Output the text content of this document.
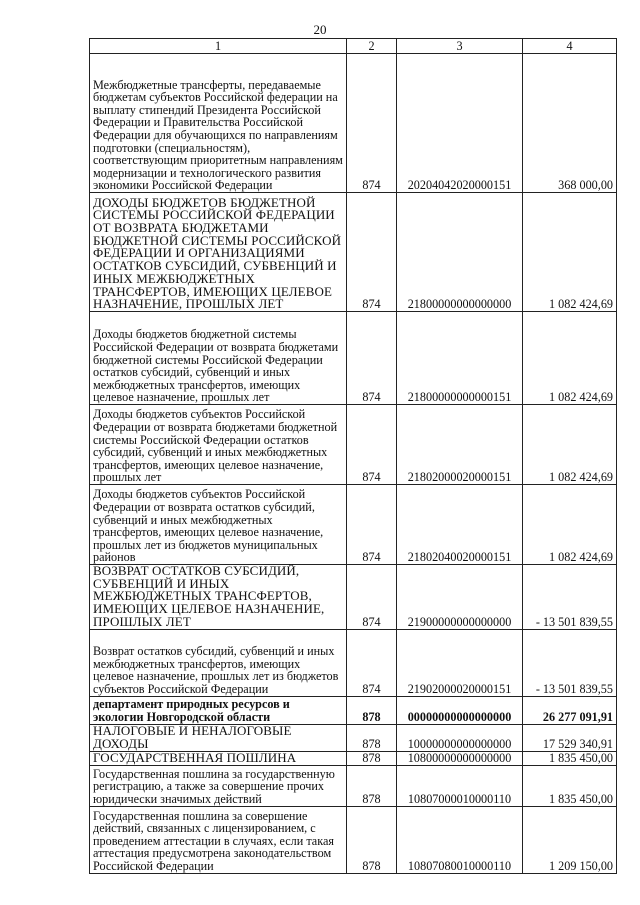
20
1	2	3	4
Межбюджетные трансферты, передаваемые бюджетам субъектов Российской федерации на выплату стипендий Президента Российской Федерации и Правительства Российской Федерации для обучающихся по направлениям подготовки (специальностям), соответствующим приоритетным направлениям модернизации и технологического развития экономики Российской Федерации	874	20204042020000151	368 000,00
ДОХОДЫ БЮДЖЕТОВ БЮДЖЕТНОЙ СИСТЕМЫ РОССИЙСКОЙ ФЕДЕРАЦИИ ОТ ВОЗВРАТА БЮДЖЕТАМИ БЮДЖЕТНОЙ СИСТЕМЫ РОССИЙСКОЙ ФЕДЕРАЦИИ И ОРГАНИЗАЦИЯМИ ОСТАТКОВ СУБСИДИЙ, СУБВЕНЦИЙ И ИНЫХ МЕЖБЮДЖЕТНЫХ ТРАНСФЕРТОВ, ИМЕЮЩИХ ЦЕЛЕВОЕ НАЗНАЧЕНИЕ, ПРОШЛЫХ ЛЕТ	874	21800000000000000	1 082 424,69
Доходы бюджетов бюджетной системы Российской Федерации от возврата бюджетами бюджетной системы Российской Федерации остатков субсидий, субвенций и иных межбюджетных трансфертов, имеющих целевое назначение, прошлых лет	874	21800000000000151	1 082 424,69
Доходы бюджетов субъектов Российской Федерации от возврата бюджетами бюджетной системы Российской Федерации остатков субсидий, субвенций и иных межбюджетных трансфертов, имеющих целевое назначение, прошлых лет	874	21802000020000151	1 082 424,69
Доходы бюджетов субъектов Российской Федерации от возврата остатков субсидий, субвенций и иных межбюджетных трансфертов, имеющих целевое назначение, прошлых лет из бюджетов муниципальных районов	874	21802040020000151	1 082 424,69
ВОЗВРАТ ОСТАТКОВ СУБСИДИЙ, СУБВЕНЦИЙ И ИНЫХ МЕЖБЮДЖЕТНЫХ ТРАНСФЕРТОВ, ИМЕЮЩИХ ЦЕЛЕВОЕ НАЗНАЧЕНИЕ, ПРОШЛЫХ ЛЕТ	874	21900000000000000	- 13 501 839,55
Возврат остатков субсидий, субвенций и иных межбюджетных трансфертов, имеющих целевое назначение, прошлых лет из бюджетов субъектов Российской Федерации	874	21902000020000151	- 13 501 839,55
департамент природных ресурсов и экологии Новгородской области	878	00000000000000000	26 277 091,91
НАЛОГОВЫЕ И НЕНАЛОГОВЫЕ ДОХОДЫ	878	10000000000000000	17 529 340,91
ГОСУДАРСТВЕННАЯ ПОШЛИНА	878	10800000000000000	1 835 450,00
Государственная пошлина за государственную регистрацию, а также за совершение прочих юридически значимых действий	878	10807000010000110	1 835 450,00
Государственная пошлина за совершение действий, связанных с лицензированием, с проведением аттестации в случаях, если такая аттестация предусмотрена законодательством Российской Федерации	878	10807080010000110	1 209 150,00
